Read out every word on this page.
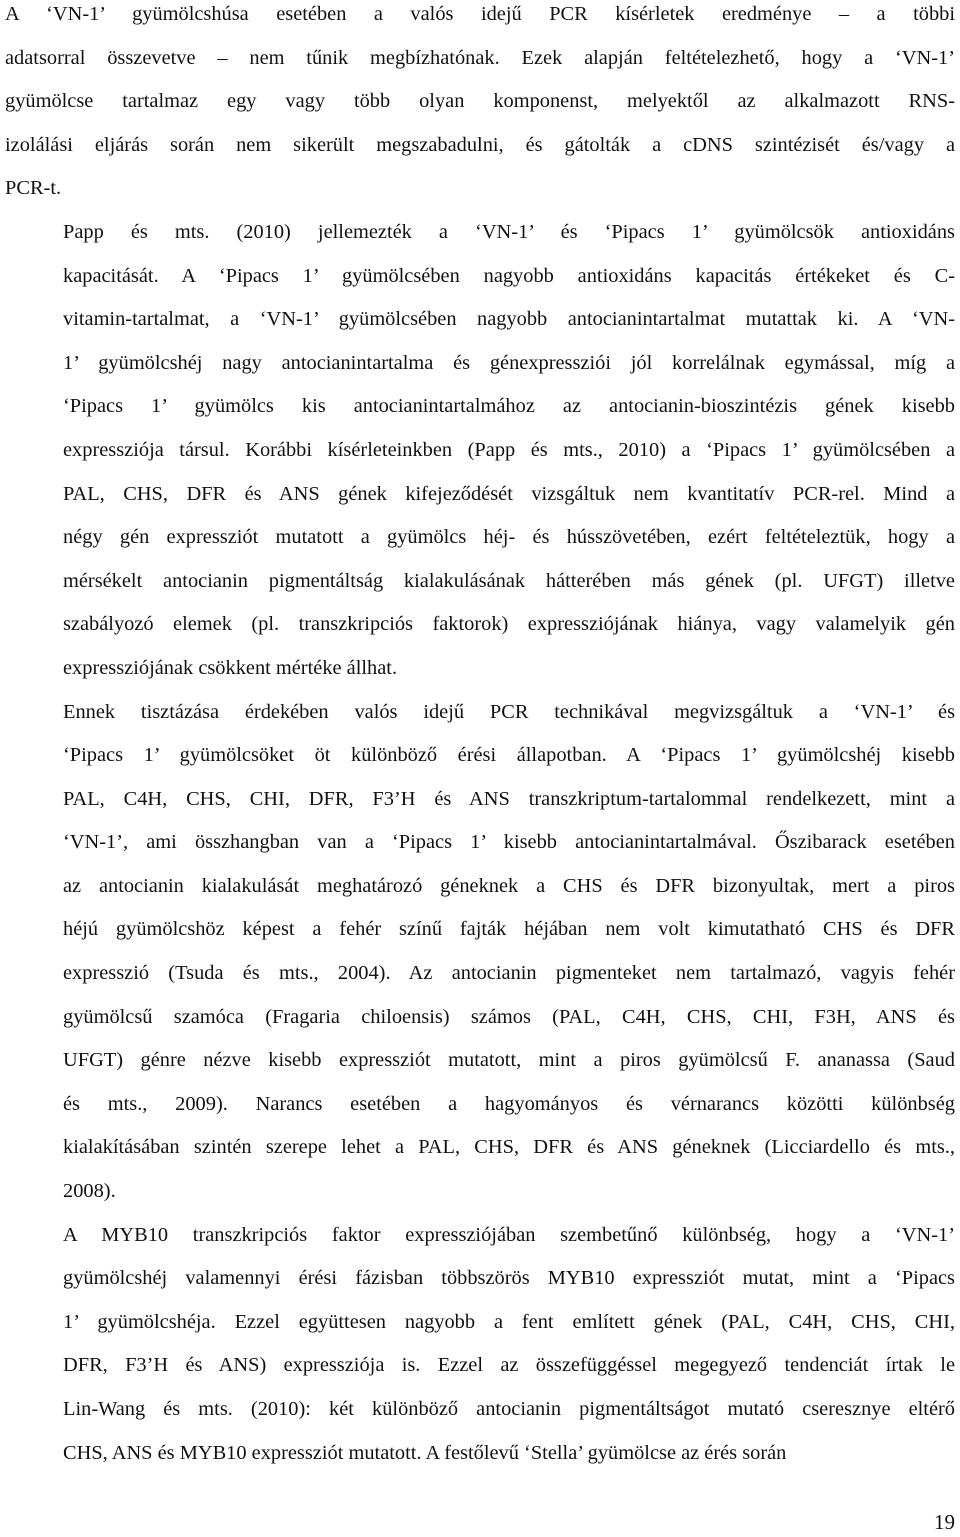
A ‘VN-1’ gyümölcshúsa esetében a valós idejű PCR kísérletek eredménye – a többi
adatsorral összevetve – nem tűnik megbízhatónak. Ezek alapján feltételezhető, hogy a ‘VN-1’
gyümölcse tartalmaz egy vagy több olyan komponenst, melyektől az alkalmazott RNS-
izolálási eljárás során nem sikerült megszabadulni, és gátolták a cDNS szintézisét és/vagy a
PCR-t.
Papp és mts. (2010) jellemezték a ‘VN-1’ és ‘Pipacs 1’ gyümölcsök antioxidáns
kapacitását. A ‘Pipacs 1’ gyümölcsében nagyobb antioxidáns kapacitás értékeket és C-
vitamin-tartalmat, a ‘VN-1’ gyümölcsében nagyobb antocianintartalmat mutattak ki. A ‘VN-
1’ gyümölcshéj nagy antocianintartalma és génexpressziói jól korrelálnak egymással, míg a
‘Pipacs 1’ gyümölcs kis antocianintartalmához az antocianin-bioszintézis gének kisebb
expressziója társul. Korábbi kísérleteinkben (Papp és mts., 2010) a ‘Pipacs 1’ gyümölcsében a
PAL, CHS, DFR és ANS gének kifejeződését vizsgáltuk nem kvantitatív PCR-rel. Mind a
négy gén expressziót mutatott a gyümölcs héj- és hússzövetében, ezért feltételeztük, hogy a
mérsékelt antocianin pigmentáltság kialakulásának hátterében más gének (pl. UFGT) illetve
szabályozó elemek (pl. transzkripciós faktorok) expressziójának hiánya, vagy valamelyik gén
expressziójának csökkent mértéke állhat.
Ennek tisztázása érdekében valós idejű PCR technikával megvizsgáltuk a ‘VN-1’ és
‘Pipacs 1’ gyümölcsöket öt különböző érési állapotban. A ‘Pipacs 1’ gyümölcshéj kisebb
PAL, C4H, CHS, CHI, DFR, F3’H és ANS transzkriptum-tartalommal rendelkezett, mint a
‘VN-1’, ami összhangban van a ‘Pipacs 1’ kisebb antocianintartalmával. Őszibarack esetében
az antocianin kialakulását meghatározó géneknek a CHS és DFR bizonyultak, mert a piros
héjú gyümölcshöz képest a fehér színű fajták héjában nem volt kimutatható CHS és DFR
expresszió (Tsuda és mts., 2004). Az antocianin pigmenteket nem tartalmazó, vagyis fehér
gyümölcsű szamóca (Fragaria chiloensis) számos (PAL, C4H, CHS, CHI, F3H, ANS és
UFGT) génre nézve kisebb expressziót mutatott, mint a piros gyümölcsű F. ananassa (Saud
és mts., 2009). Narancs esetében a hagyományos és vérnarancs közötti különbség
kialakításában szintén szerepe lehet a PAL, CHS, DFR és ANS géneknek (Licciardello és mts.,
2008).
A MYB10 transzkripciós faktor expressziójában szembetűnő különbség, hogy a ‘VN-1’
gyümölcshéj valamennyi érési fázisban többszörös MYB10 expressziót mutat, mint a ‘Pipacs
1’ gyümölcshéja. Ezzel együttesen nagyobb a fent említett gének (PAL, C4H, CHS, CHI,
DFR, F3’H és ANS) expressziója is. Ezzel az összefüggéssel megegyező tendenciát írtak le
Lin-Wang és mts. (2010): két különböző antocianin pigmentáltságot mutató cseresznye eltérő
CHS, ANS és MYB10 expressziót mutatott. A festőlevű ‘Stella’ gyümölcse az érés során
19
